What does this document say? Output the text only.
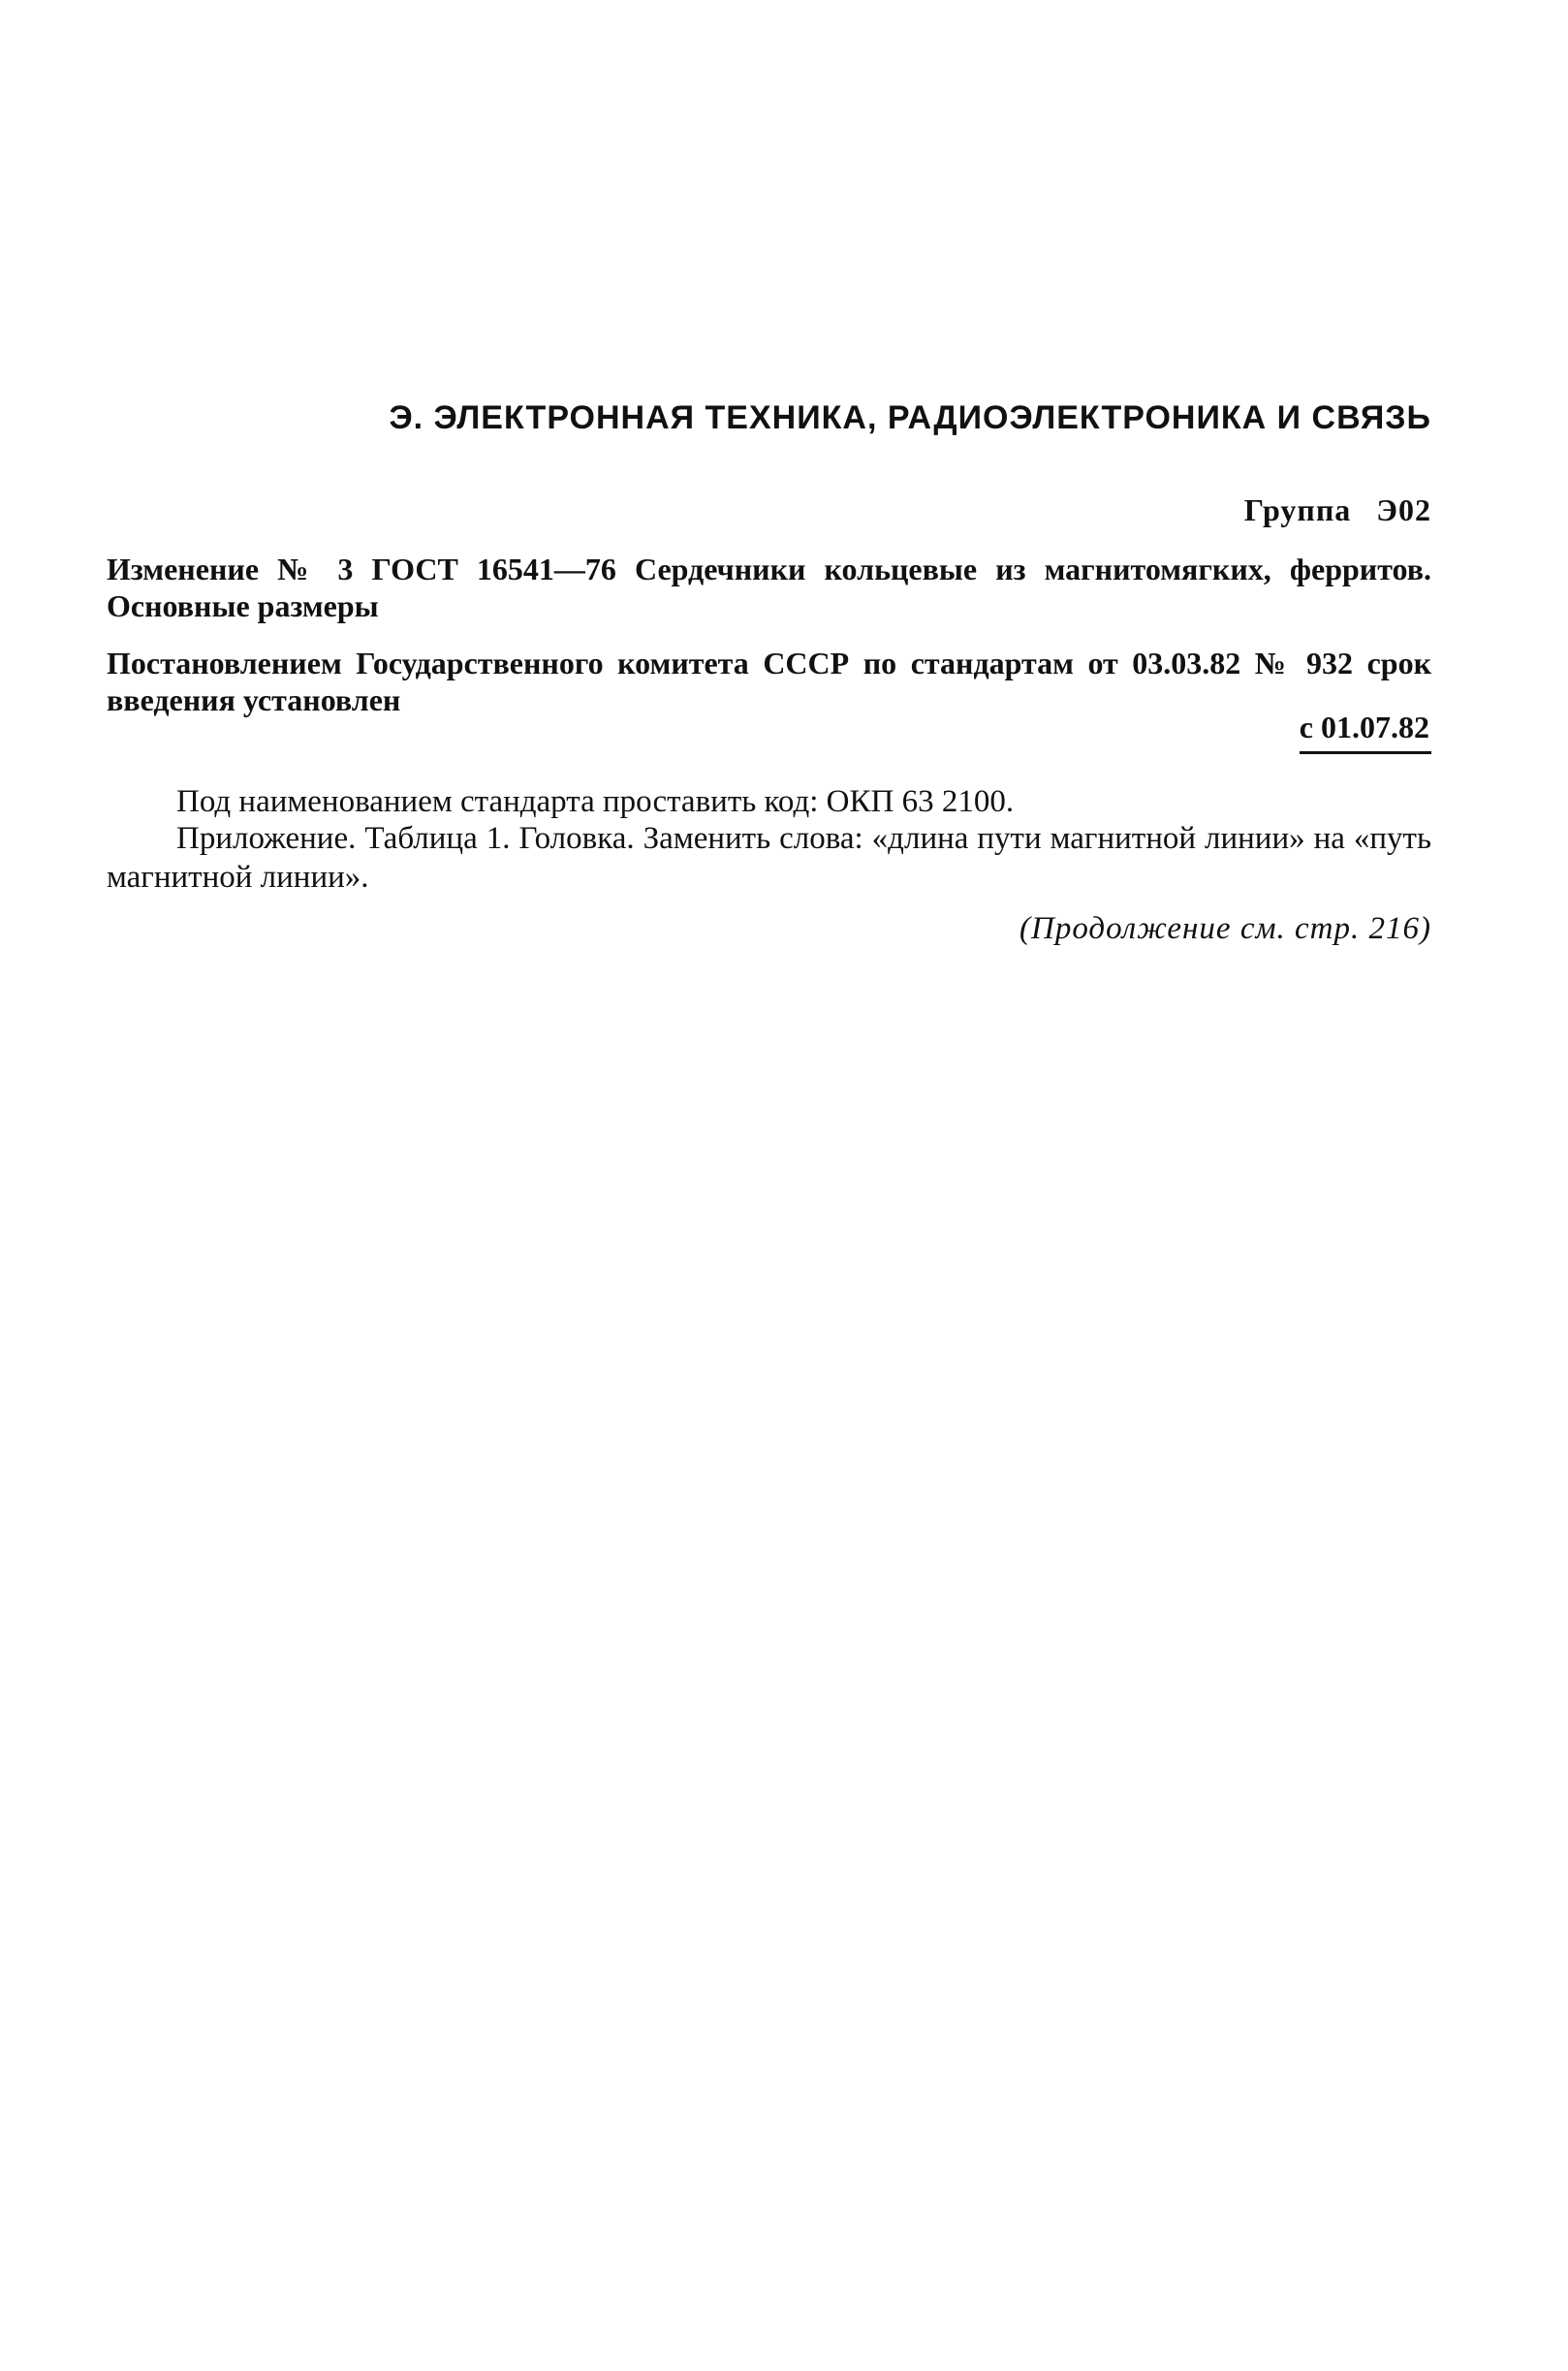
Э. ЭЛЕКТРОННАЯ ТЕХНИКА, РАДИОЭЛЕКТРОНИКА И СВЯЗЬ
Группа Э02
Изменение № 3 ГОСТ 16541—76 Сердечники кольцевые из магнитомягких, ферритов. Основные размеры
Постановлением Государственного комитета СССР по стандартам от 03.03.82 № 932 срок введения установлен
с 01.07.82
Под наименованием стандарта проставить код: ОКП 63 2100.
Приложение. Таблица 1. Головка. Заменить слова: «длина пути магнитной линии» на «путь магнитной линии».
(Продолжение см. стр. 216)
